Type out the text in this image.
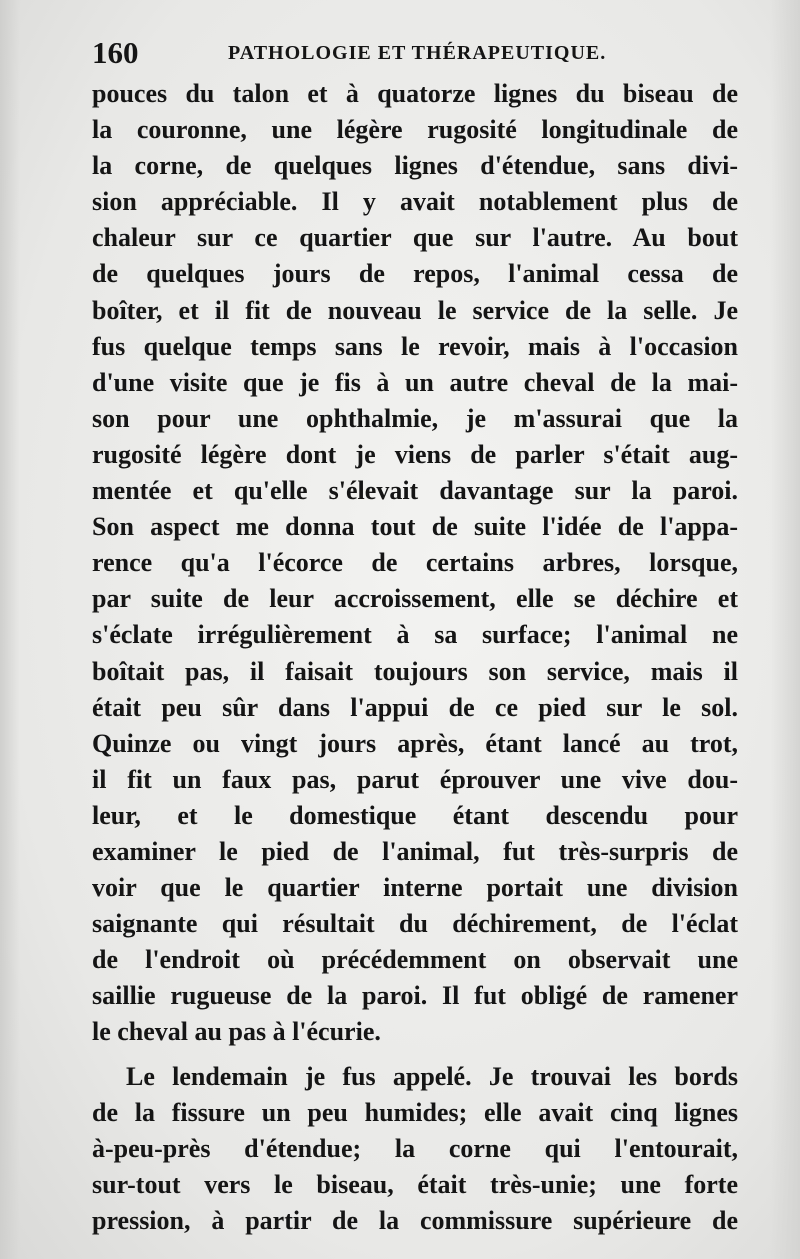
160	PATHOLOGIE ET THÉRAPEUTIQUE.
pouces du talon et à quatorze lignes du biseau de
la couronne, une légère rugosité longitudinale de
la corne, de quelques lignes d'étendue, sans divi-
sion appréciable. Il y avait notablement plus de
chaleur sur ce quartier que sur l'autre. Au bout
de quelques jours de repos, l'animal cessa de
boîter, et il fit de nouveau le service de la selle. Je
fus quelque temps sans le revoir, mais à l'occasion
d'une visite que je fis à un autre cheval de la mai-
son pour une ophthalmie, je m'assurai que la
rugosité légère dont je viens de parler s'était aug-
mentée et qu'elle s'élevait davantage sur la paroi.
Son aspect me donna tout de suite l'idée de l'appa-
rence qu'a l'écorce de certains arbres, lorsque,
par suite de leur accroissement, elle se déchire et
s'éclate irrégulièrement à sa surface; l'animal ne
boîtait pas, il faisait toujours son service, mais il
était peu sûr dans l'appui de ce pied sur le sol.
Quinze ou vingt jours après, étant lancé au trot,
il fit un faux pas, parut éprouver une vive dou-
leur, et le domestique étant descendu pour
examiner le pied de l'animal, fut très-surpris de
voir que le quartier interne portait une division
saignante qui résultait du déchirement, de l'éclat
de l'endroit où précédemment on observait une
saillie rugueuse de la paroi. Il fut obligé de ramener
le cheval au pas à l'écurie.
Le lendemain je fus appelé. Je trouvai les bords
de la fissure un peu humides; elle avait cinq lignes
à-peu-près d'étendue; la corne qui l'entourait,
sur-tout vers le biseau, était très-unie; une forte
pression, à partir de la commissure supérieure de
